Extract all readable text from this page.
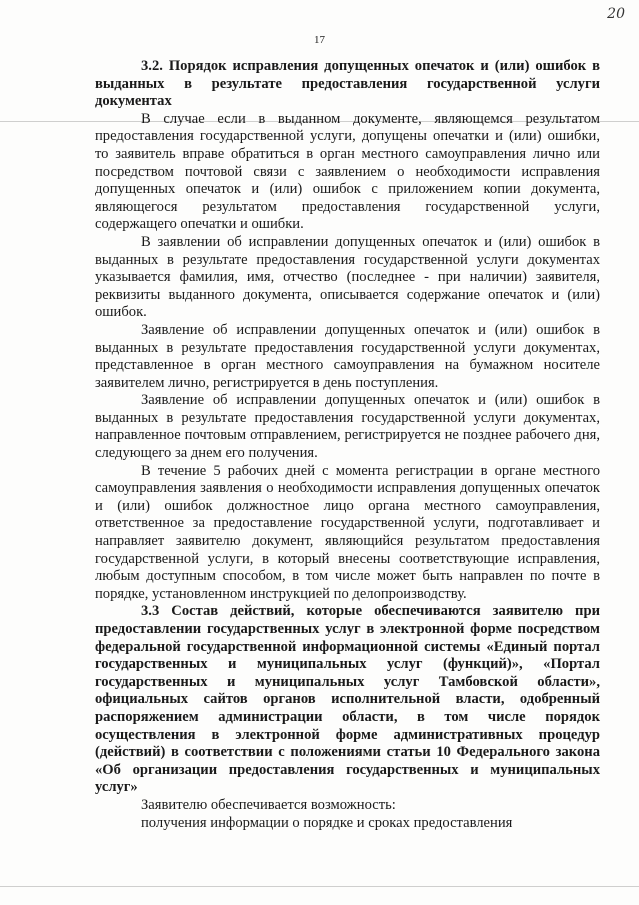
20
17

3.2. Порядок исправления допущенных опечаток и (или) ошибок в выданных в результате предоставления государственной услуги документах

В случае если в выданном документе, являющемся результатом предоставления государственной услуги, допущены опечатки и (или) ошибки, то заявитель вправе обратиться в орган местного самоуправления лично или посредством почтовой связи с заявлением о необходимости исправления допущенных опечаток и (или) ошибок с приложением копии документа, являющегося результатом предоставления государственной услуги, содержащего опечатки и ошибки.

В заявлении об исправлении допущенных опечаток и (или) ошибок в выданных в результате предоставления государственной услуги документах указывается фамилия, имя, отчество (последнее - при наличии) заявителя, реквизиты выданного документа, описывается содержание опечаток и (или) ошибок.

Заявление об исправлении допущенных опечаток и (или) ошибок в выданных в результате предоставления государственной услуги документах, представленное в орган местного самоуправления на бумажном носителе заявителем лично, регистрируется в день поступления.

Заявление об исправлении допущенных опечаток и (или) ошибок в выданных в результате предоставления государственной услуги документах, направленное почтовым отправлением, регистрируется не позднее рабочего дня, следующего за днем его получения.

В течение 5 рабочих дней с момента регистрации в органе местного самоуправления заявления о необходимости исправления допущенных опечаток и (или) ошибок должностное лицо органа местного самоуправления, ответственное за предоставление государственной услуги, подготавливает и направляет заявителю документ, являющийся результатом предоставления государственной услуги, в который внесены соответствующие исправления, любым доступным способом, в том числе может быть направлен по почте в порядке, установленном инструкцией по делопроизводству.

3.3 Состав действий, которые обеспечиваются заявителю при предоставлении государственных услуг в электронной форме посредством федеральной государственной информационной системы «Единый портал государственных и муниципальных услуг (функций)», «Портал государственных и муниципальных услуг Тамбовской области», официальных сайтов органов исполнительной власти, одобренный распоряжением администрации области, в том числе порядок осуществления в электронной форме административных процедур (действий) в соответствии с положениями статьи 10 Федерального закона «Об организации предоставления государственных и муниципальных услуг»

Заявителю обеспечивается возможность:

получения информации о порядке и сроках предоставления
